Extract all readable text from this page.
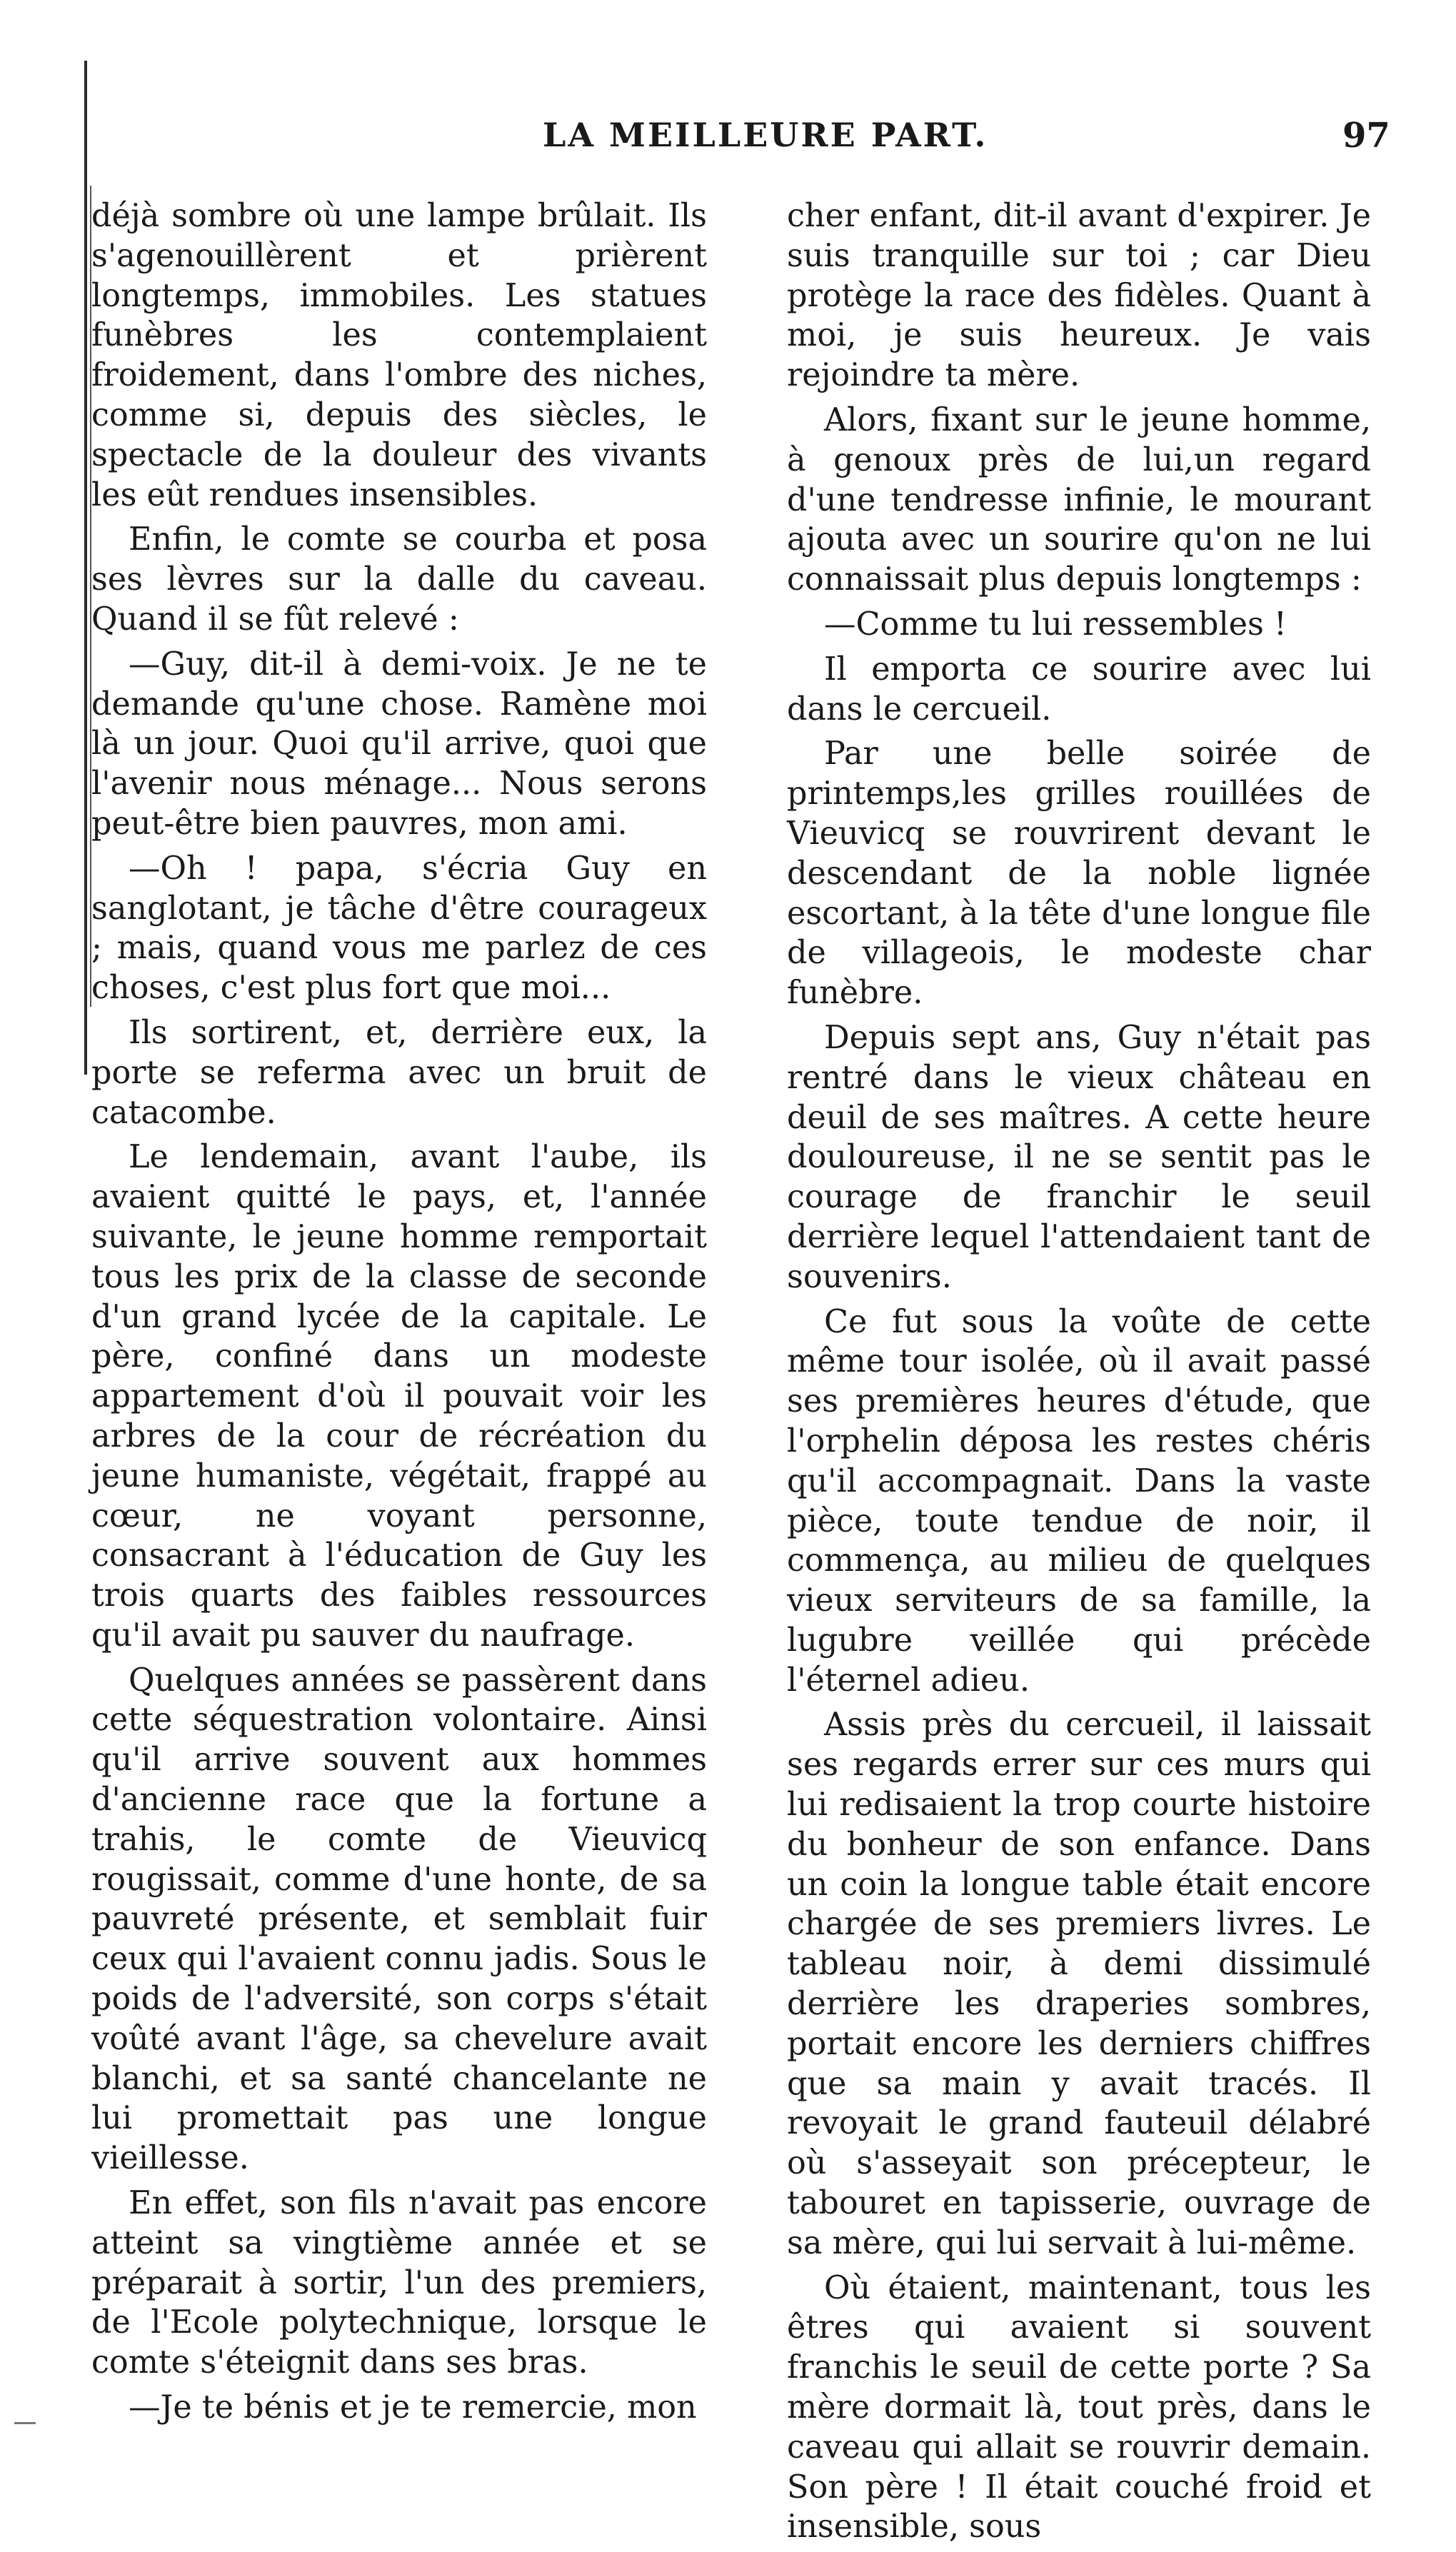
LA MEILLEURE PART.	97

déjà sombre où une lampe brûlait. Ils s'agenouillèrent et prièrent longtemps, immobiles. Les statues funèbres les contemplaient froidement, dans l'ombre des niches, comme si, depuis des siècles, le spectacle de la douleur des vivants les eût rendues insensibles.

Enfin, le comte se courba et posa ses lèvres sur la dalle du caveau. Quand il se fût relevé :

—Guy, dit-il à demi-voix. Je ne te demande qu'une chose. Ramène moi là un jour. Quoi qu'il arrive, quoi que l'avenir nous ménage... Nous serons peut-être bien pauvres, mon ami.

—Oh ! papa, s'écria Guy en sanglotant, je tâche d'être courageux ; mais, quand vous me parlez de ces choses, c'est plus fort que moi...

Ils sortirent, et, derrière eux, la porte se referma avec un bruit de catacombe.

Le lendemain, avant l'aube, ils avaient quitté le pays, et, l'année suivante, le jeune homme remportait tous les prix de la classe de seconde d'un grand lycée de la capitale. Le père, confiné dans un modeste appartement d'où il pouvait voir les arbres de la cour de récréation du jeune humaniste, végétait, frappé au cœur, ne voyant personne, consacrant à l'éducation de Guy les trois quarts des faibles ressources qu'il avait pu sauver du naufrage.

Quelques années se passèrent dans cette séquestration volontaire. Ainsi qu'il arrive souvent aux hommes d'ancienne race que la fortune a trahis, le comte de Vieuvicq rougissait, comme d'une honte, de sa pauvreté présente, et semblait fuir ceux qui l'avaient connu jadis. Sous le poids de l'adversité, son corps s'était voûté avant l'âge, sa chevelure avait blanchi, et sa santé chancelante ne lui promettait pas une longue vieillesse.

En effet, son fils n'avait pas encore atteint sa vingtième année et se préparait à sortir, l'un des premiers, de l'Ecole polytechnique, lorsque le comte s'éteignit dans ses bras.

—Je te bénis et je te remercie, mon

cher enfant, dit-il avant d'expirer. Je suis tranquille sur toi ; car Dieu protège la race des fidèles. Quant à moi, je suis heureux. Je vais rejoindre ta mère.

Alors, fixant sur le jeune homme, à genoux près de lui,un regard d'une tendresse infinie, le mourant ajouta avec un sourire qu'on ne lui connaissait plus depuis longtemps :

—Comme tu lui ressembles !

Il emporta ce sourire avec lui dans le cercueil.

Par une belle soirée de printemps,les grilles rouillées de Vieuvicq se rouvrirent devant le descendant de la noble lignée escortant, à la tête d'une longue file de villageois, le modeste char funèbre.

Depuis sept ans, Guy n'était pas rentré dans le vieux château en deuil de ses maîtres. A cette heure douloureuse, il ne se sentit pas le courage de franchir le seuil derrière lequel l'attendaient tant de souvenirs.

Ce fut sous la voûte de cette même tour isolée, où il avait passé ses premières heures d'étude, que l'orphelin déposa les restes chéris qu'il accompagnait. Dans la vaste pièce, toute tendue de noir, il commença, au milieu de quelques vieux serviteurs de sa famille, la lugubre veillée qui précède l'éternel adieu.

Assis près du cercueil, il laissait ses regards errer sur ces murs qui lui redisaient la trop courte histoire du bonheur de son enfance. Dans un coin la longue table était encore chargée de ses premiers livres. Le tableau noir, à demi dissimulé derrière les draperies sombres, portait encore les derniers chiffres que sa main y avait tracés. Il revoyait le grand fauteuil délabré où s'asseyait son précepteur, le tabouret en tapisserie, ouvrage de sa mère, qui lui servait à lui-même.

Où étaient, maintenant, tous les êtres qui avaient si souvent franchis le seuil de cette porte ? Sa mère dormait là, tout près, dans le caveau qui allait se rouvrir demain. Son père ! Il était couché froid et insensible, sous
